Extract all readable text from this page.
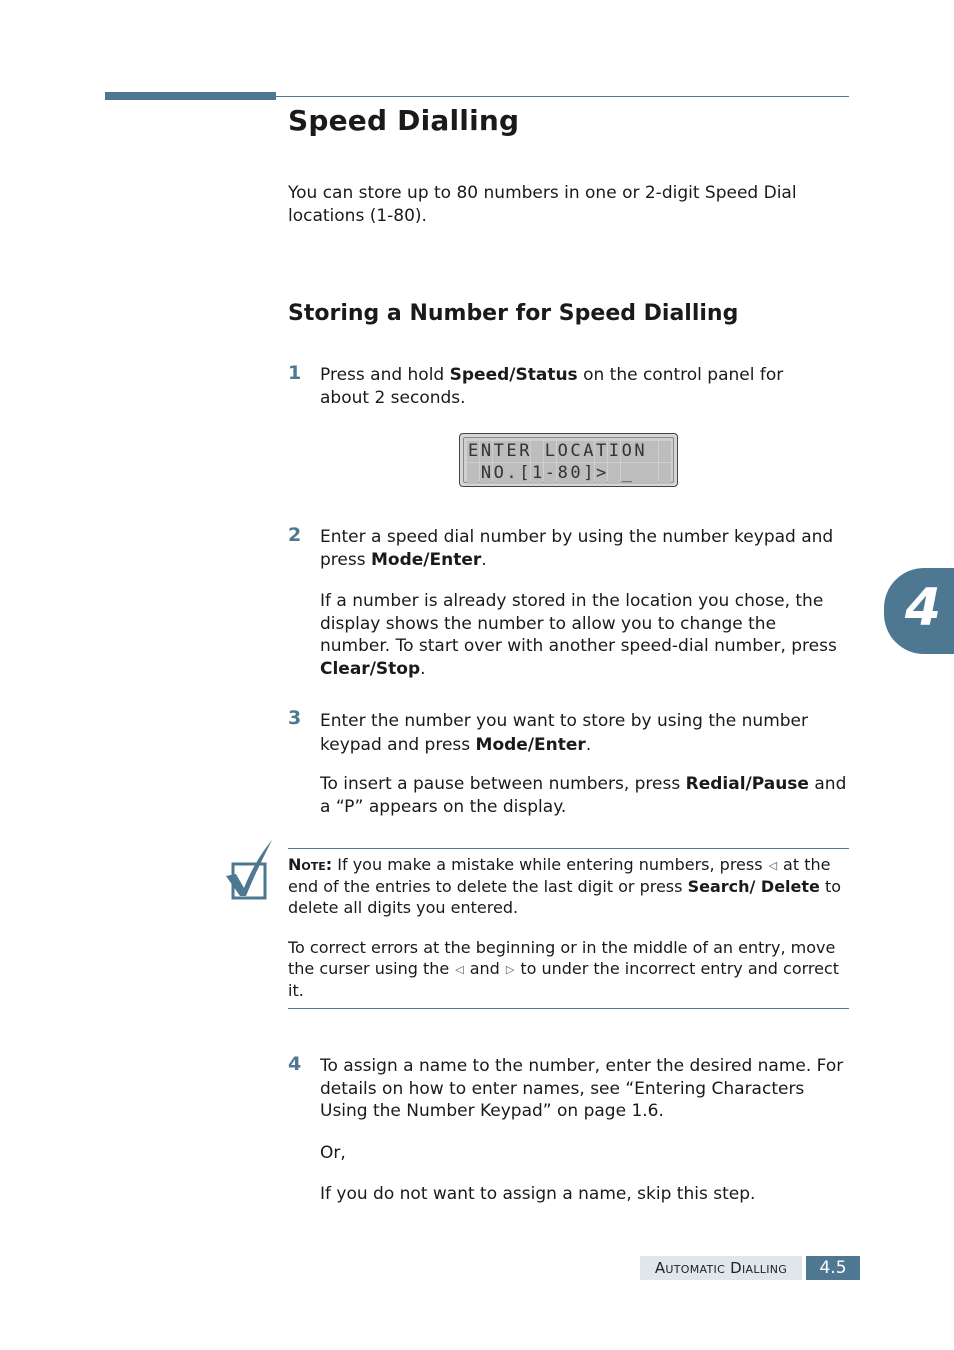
Speed Dialling

You can store up to 80 numbers in one or 2-digit Speed Dial locations (1-80).

Storing a Number for Speed Dialling
1 Press and hold Speed/Status on the control panel for about 2 seconds.

E N T E R
L O C A T I O N

N O . [ 1 - 8 0 ] >
_

2 Enter a speed dial number by using the number keypad and press Mode/Enter.

If a number is already stored in the location you chose, the display shows the number to allow you to change the number. To start over with another speed-dial number, press Clear/Stop.

3 Enter the number you want to store by using the number keypad and press Mode/Enter.

To insert a pause between numbers, press Redial/Pause and a “P” appears on the display.

Note: If you make a mistake while entering numbers, press ◁ at the end of the entries to delete the last digit or press Search/ Delete to delete all digits you entered.
To correct errors at the beginning or in the middle of an entry, move the curser using the ◁ and ▷ to under the incorrect entry and correct it.
4 To assign a name to the number, enter the desired name. For details on how to enter names, see “Entering Characters Using the Number Keypad” on page 1.6.

Or,

If you do not want to assign a name, skip this step.

4
Automatic Dialling	4.5
